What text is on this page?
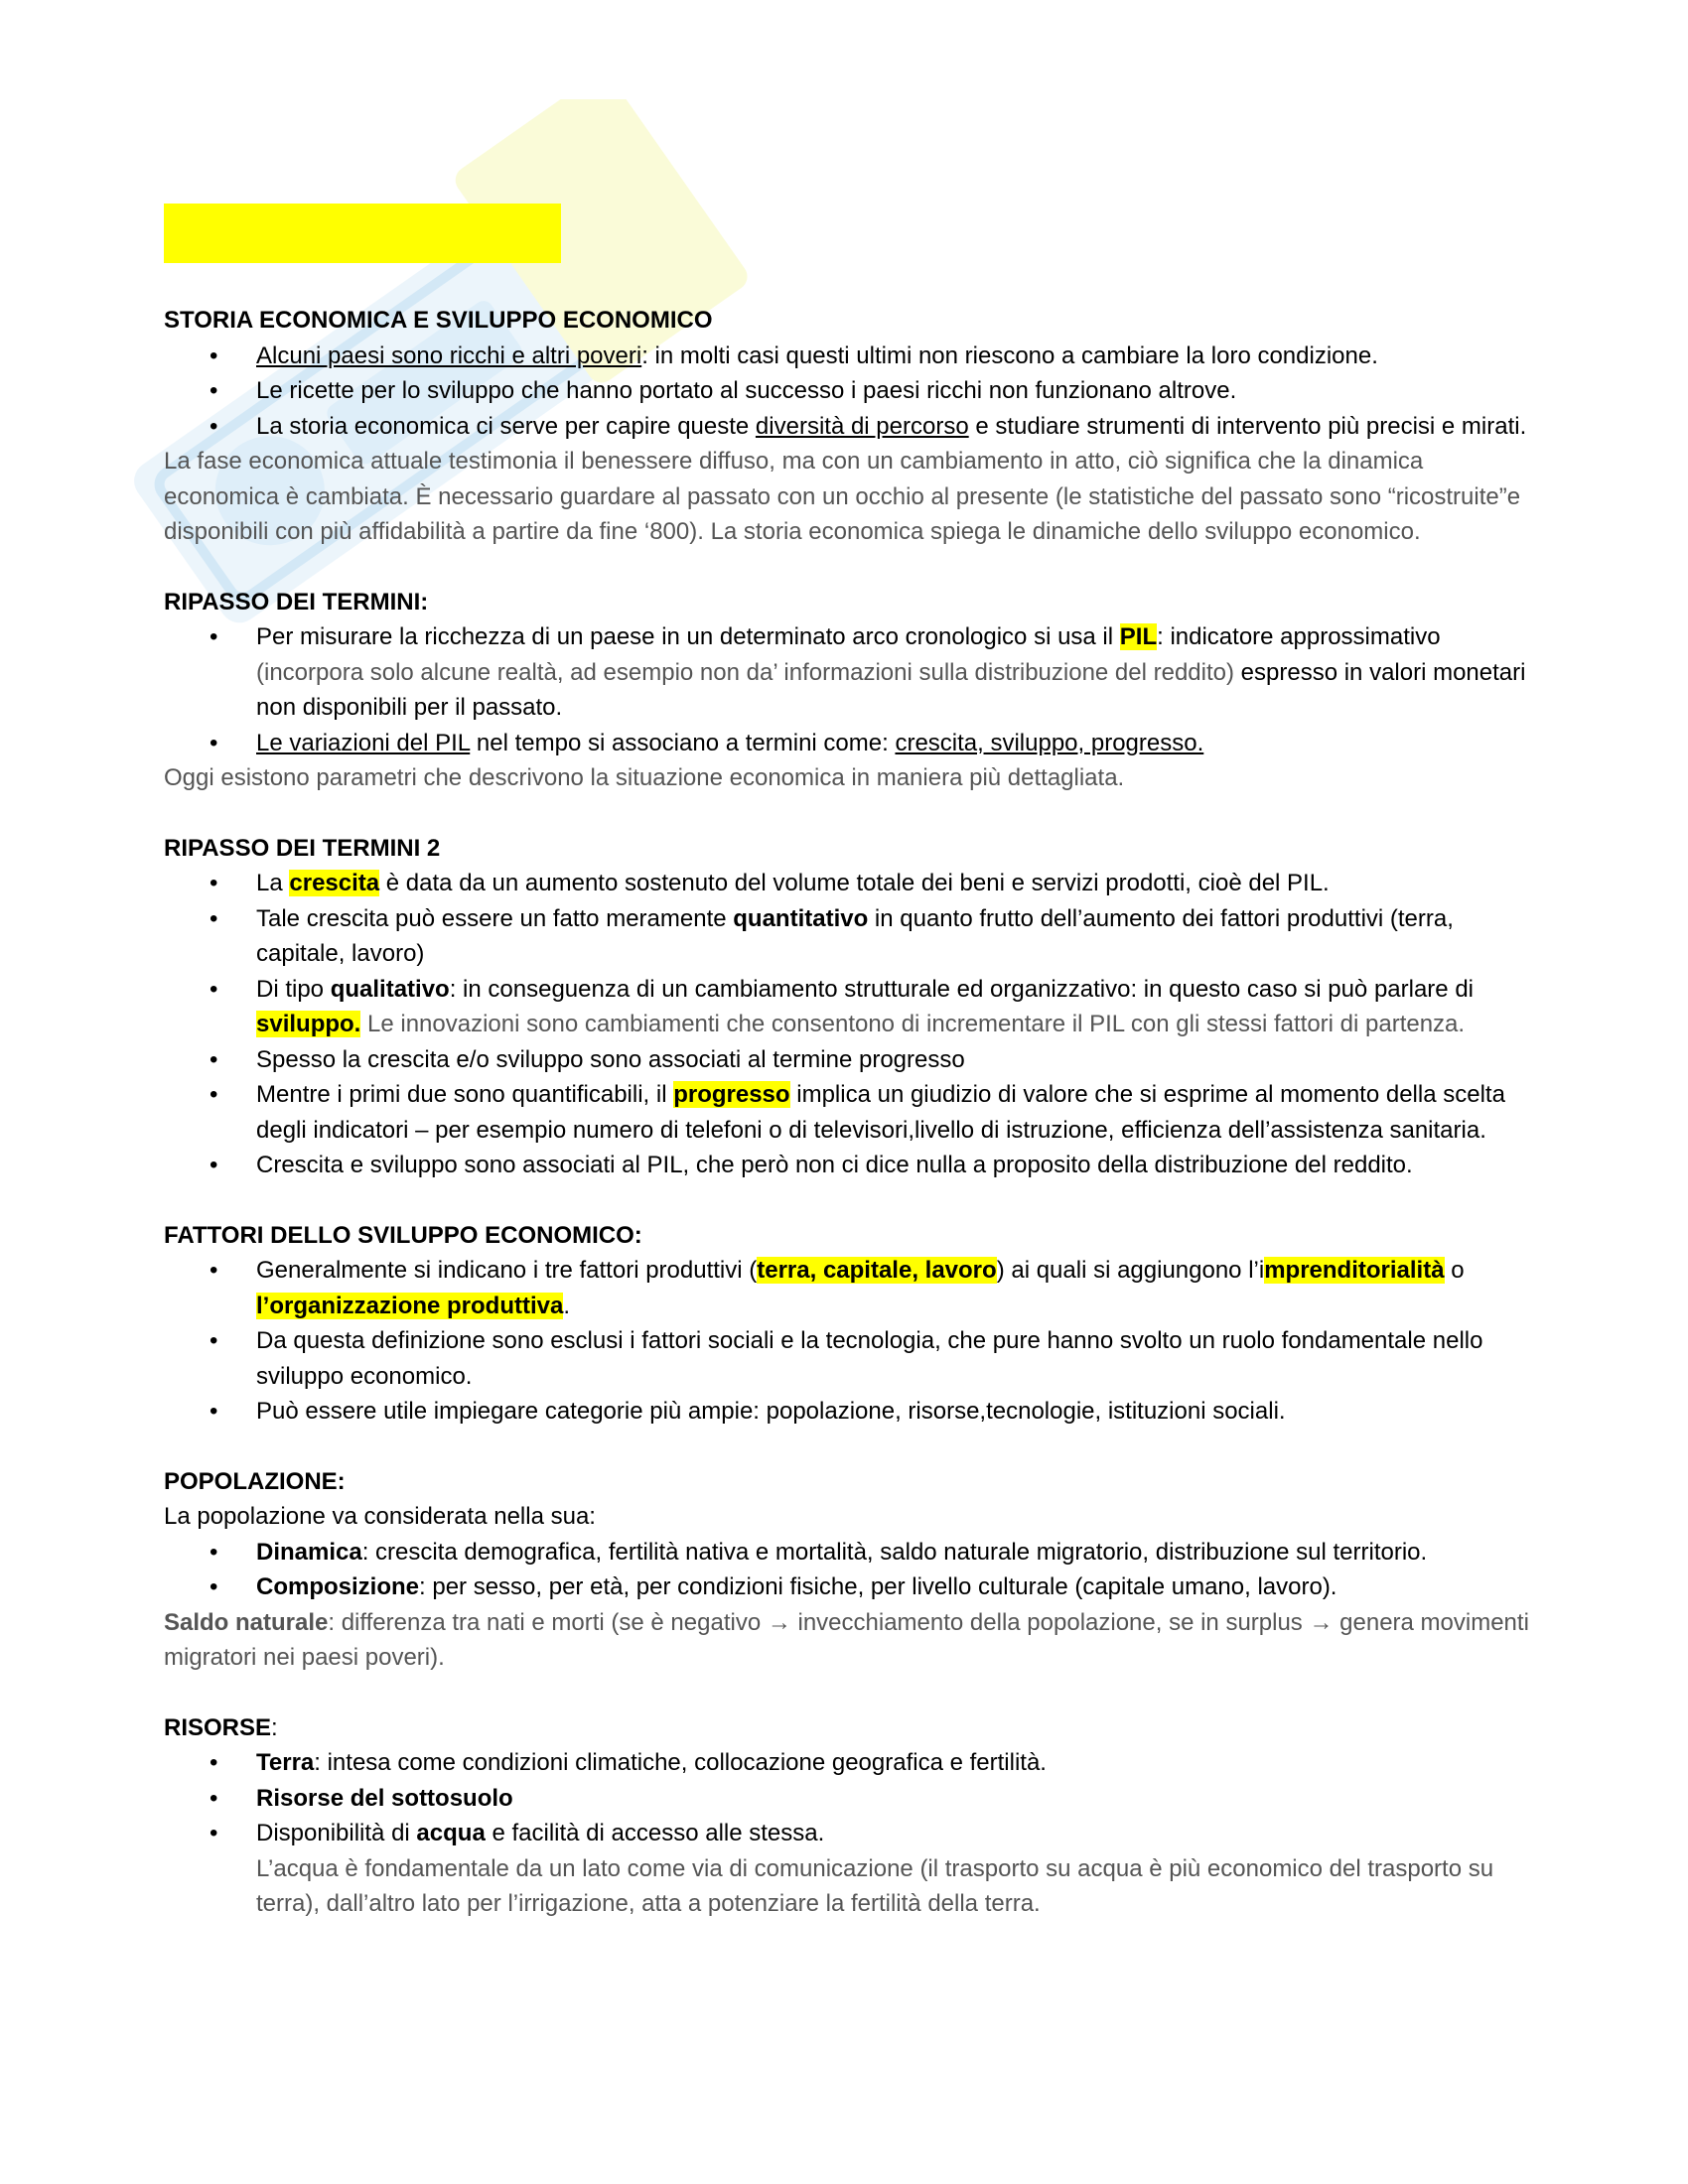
STORIA ECONOMICA E SVILUPPO ECONOMICO

• Alcuni paesi sono ricchi e altri poveri: in molti casi questi ultimi non riescono a cambiare la loro condizione.
• Le ricette per lo sviluppo che hanno portato al successo i paesi ricchi non funzionano altrove.
• La storia economica ci serve per capire queste diversità di percorso e studiare strumenti di intervento più precisi e mirati.

La fase economica attuale testimonia il benessere diffuso, ma con un cambiamento in atto, ciò significa che la dinamica economica è cambiata. È necessario guardare al passato con un occhio al presente (le statistiche del passato sono “ricostruite”e disponibili con più affidabilità a partire da fine ‘800). La storia economica spiega le dinamiche dello sviluppo economico.

RIPASSO DEI TERMINI:

• Per misurare la ricchezza di un paese in un determinato arco cronologico si usa il PIL: indicatore approssimativo (incorpora solo alcune realtà, ad esempio non da’ informazioni sulla distribuzione del reddito) espresso in valori monetari non disponibili per il passato.
• Le variazioni del PIL nel tempo si associano a termini come: crescita, sviluppo, progresso.

Oggi esistono parametri che descrivono la situazione economica in maniera più dettagliata.

RIPASSO DEI TERMINI 2

• La crescita è data da un aumento sostenuto del volume totale dei beni e servizi prodotti, cioè del PIL.
• Tale crescita può essere un fatto meramente quantitativo in quanto frutto dell’aumento dei fattori produttivi (terra, capitale, lavoro)
• Di tipo qualitativo: in conseguenza di un cambiamento strutturale ed organizzativo: in questo caso si può parlare di sviluppo. Le innovazioni sono cambiamenti che consentono di incrementare il PIL con gli stessi fattori di partenza.
• Spesso la crescita e/o sviluppo sono associati al termine progresso
• Mentre i primi due sono quantificabili, il progresso implica un giudizio di valore che si esprime al momento della scelta degli indicatori – per esempio numero di telefoni o di televisori,livello di istruzione, efficienza dell’assistenza sanitaria.
• Crescita e sviluppo sono associati al PIL, che però non ci dice nulla a proposito della distribuzione del reddito.

FATTORI DELLO SVILUPPO ECONOMICO:

• Generalmente si indicano i tre fattori produttivi (terra, capitale, lavoro) ai quali si aggiungono l’imprenditorialità o l’organizzazione produttiva.
• Da questa definizione sono esclusi i fattori sociali e la tecnologia, che pure hanno svolto un ruolo fondamentale nello sviluppo economico.
• Può essere utile impiegare categorie più ampie: popolazione, risorse,tecnologie, istituzioni sociali.

POPOLAZIONE:

La popolazione va considerata nella sua:

• Dinamica: crescita demografica, fertilità nativa e mortalità, saldo naturale migratorio, distribuzione sul territorio.
• Composizione: per sesso, per età, per condizioni fisiche, per livello culturale (capitale umano, lavoro).

Saldo naturale: differenza tra nati e morti (se è negativo → invecchiamento della popolazione, se in surplus → genera movimenti migratori nei paesi poveri).

RISORSE:

• Terra: intesa come condizioni climatiche, collocazione geografica e fertilità.
• Risorse del sottosuolo
• Disponibilità di acqua e facilità di accesso alle stessa.
L’acqua è fondamentale da un lato come via di comunicazione (il trasporto su acqua è più economico del trasporto su terra), dall’altro lato per l’irrigazione, atta a potenziare la fertilità della terra.
